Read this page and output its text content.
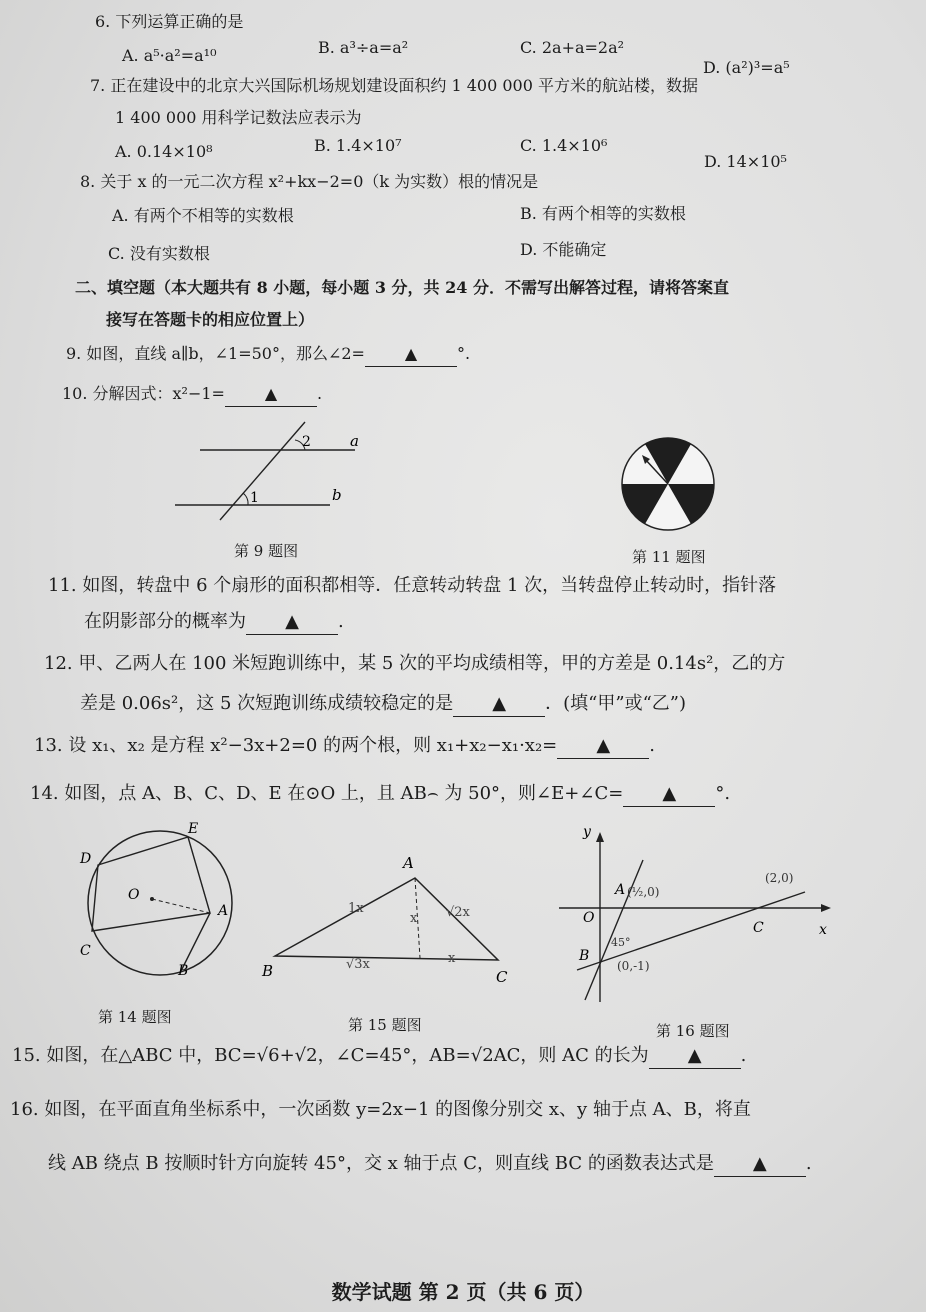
6. 下列运算正确的是
A. a⁵·a²=a¹⁰	B. a³÷a=a²	C. 2a+a=2a²
D. (a²)³=a⁵
7. 正在建设中的北京大兴国际机场规划建设面积约 1 400 000 平方米的航站楼，数据
1 400 000 用科学记数法应表示为
A. 0.14×10⁸	B. 1.4×10⁷	C. 1.4×10⁶
D. 14×10⁵
8. 关于 x 的一元二次方程 x²+kx−2=0（k 为实数）根的情况是
A. 有两个不相等的实数根	B. 有两个相等的实数根
C. 没有实数根	D. 不能确定
二、填空题（本大题共有 8 小题，每小题 3 分，共 24 分．不需写出解答过程，请将答案直
接写在答题卡的相应位置上）
9. 如图，直线 a∥b，∠1=50°，那么∠2= ▲ °.
10. 分解因式：x²−1= ▲ .
a
b
1
2
第 9 题图	第 11 题图
11. 如图，转盘中 6 个扇形的面积都相等．任意转动转盘 1 次，当转盘停止转动时，指针落
在阴影部分的概率为 ▲ .
12. 甲、乙两人在 100 米短跑训练中，某 5 次的平均成绩相等，甲的方差是 0.14s²，乙的方
差是 0.06s²，这 5 次短跑训练成绩较稳定的是 ▲ ．(填“甲”或“乙”)
13. 设 x₁、x₂ 是方程 x²−3x+2=0 的两个根，则 x₁+x₂−x₁·x₂= ▲ .
14. 如图，点 A、B、C、D、E 在⊙O 上，且 AB⌢ 为 50°，则∠E+∠C= ▲ °.
D
E
A
C
B
O
第 14 题图
A
B	C
1x	√2x
√3x
x
x
第 15 题图
y
x
O
A
B
C
(½,0)
(0,-1)
(2,0)
45°
第 16 题图
15. 如图，在△ABC 中，BC=√6+√2，∠C=45°，AB=√2AC，则 AC 的长为 ▲ .
16. 如图，在平面直角坐标系中，一次函数 y=2x−1 的图像分别交 x、y 轴于点 A、B，将直
线 AB 绕点 B 按顺时针方向旋转 45°，交 x 轴于点 C，则直线 BC 的函数表达式是 ▲ .
数学试题 第 2 页（共 6 页）
